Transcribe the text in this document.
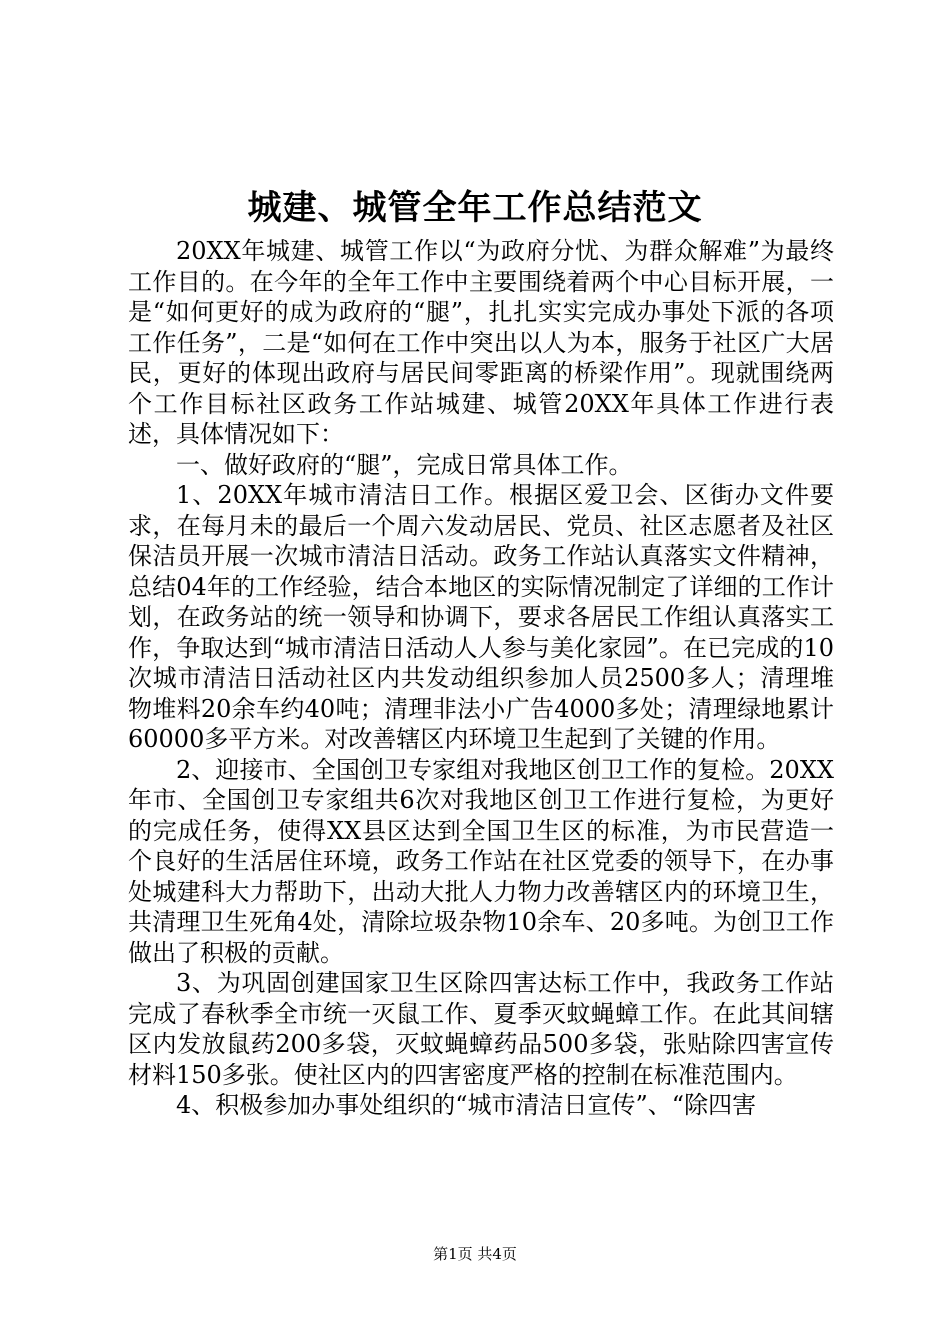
城建、城管全年工作总结范文

20XX年城建、城管工作以“为政府分忧、为群众解难”为最终工作目的。在今年的全年工作中主要围绕着两个中心目标开展，一是“如何更好的成为政府的“腿”，扎扎实实完成办事处下派的各项工作任务”，二是“如何在工作中突出以人为本，服务于社区广大居民，更好的体现出政府与居民间零距离的桥梁作用”。现就围绕两个工作目标社区政务工作站城建、城管20XX年具体工作进行表述，具体情况如下：

一、做好政府的“腿”，完成日常具体工作。

1、20XX年城市清洁日工作。根据区爱卫会、区街办文件要求，在每月未的最后一个周六发动居民、党员、社区志愿者及社区保洁员开展一次城市清洁日活动。政务工作站认真落实文件精神，总结04年的工作经验，结合本地区的实际情况制定了详细的工作计划，在政务站的统一领导和协调下，要求各居民工作组认真落实工作，争取达到“城市清洁日活动人人参与美化家园”。在已完成的10次城市清洁日活动社区内共发动组织参加人员2500多人；清理堆物堆料20余车约40吨；清理非法小广告4000多处；清理绿地累计60000多平方米。对改善辖区内环境卫生起到了关键的作用。

2、迎接市、全国创卫专家组对我地区创卫工作的复检。20XX年市、全国创卫专家组共6次对我地区创卫工作进行复检，为更好的完成任务，使得XX县区达到全国卫生区的标准，为市民营造一个良好的生活居住环境，政务工作站在社区党委的领导下，在办事处城建科大力帮助下，出动大批人力物力改善辖区内的环境卫生，共清理卫生死角4处，清除垃圾杂物10余车、20多吨。为创卫工作做出了积极的贡献。

3、为巩固创建国家卫生区除四害达标工作中，我政务工作站完成了春秋季全市统一灭鼠工作、夏季灭蚊蝇蟑工作。在此其间辖区内发放鼠药200多袋，灭蚊蝇蟑药品500多袋，张贴除四害宣传材料150多张。使社区内的四害密度严格的控制在标准范围内。

4、积极参加办事处组织的“城市清洁日宣传”、“除四害

第1页 共4页
